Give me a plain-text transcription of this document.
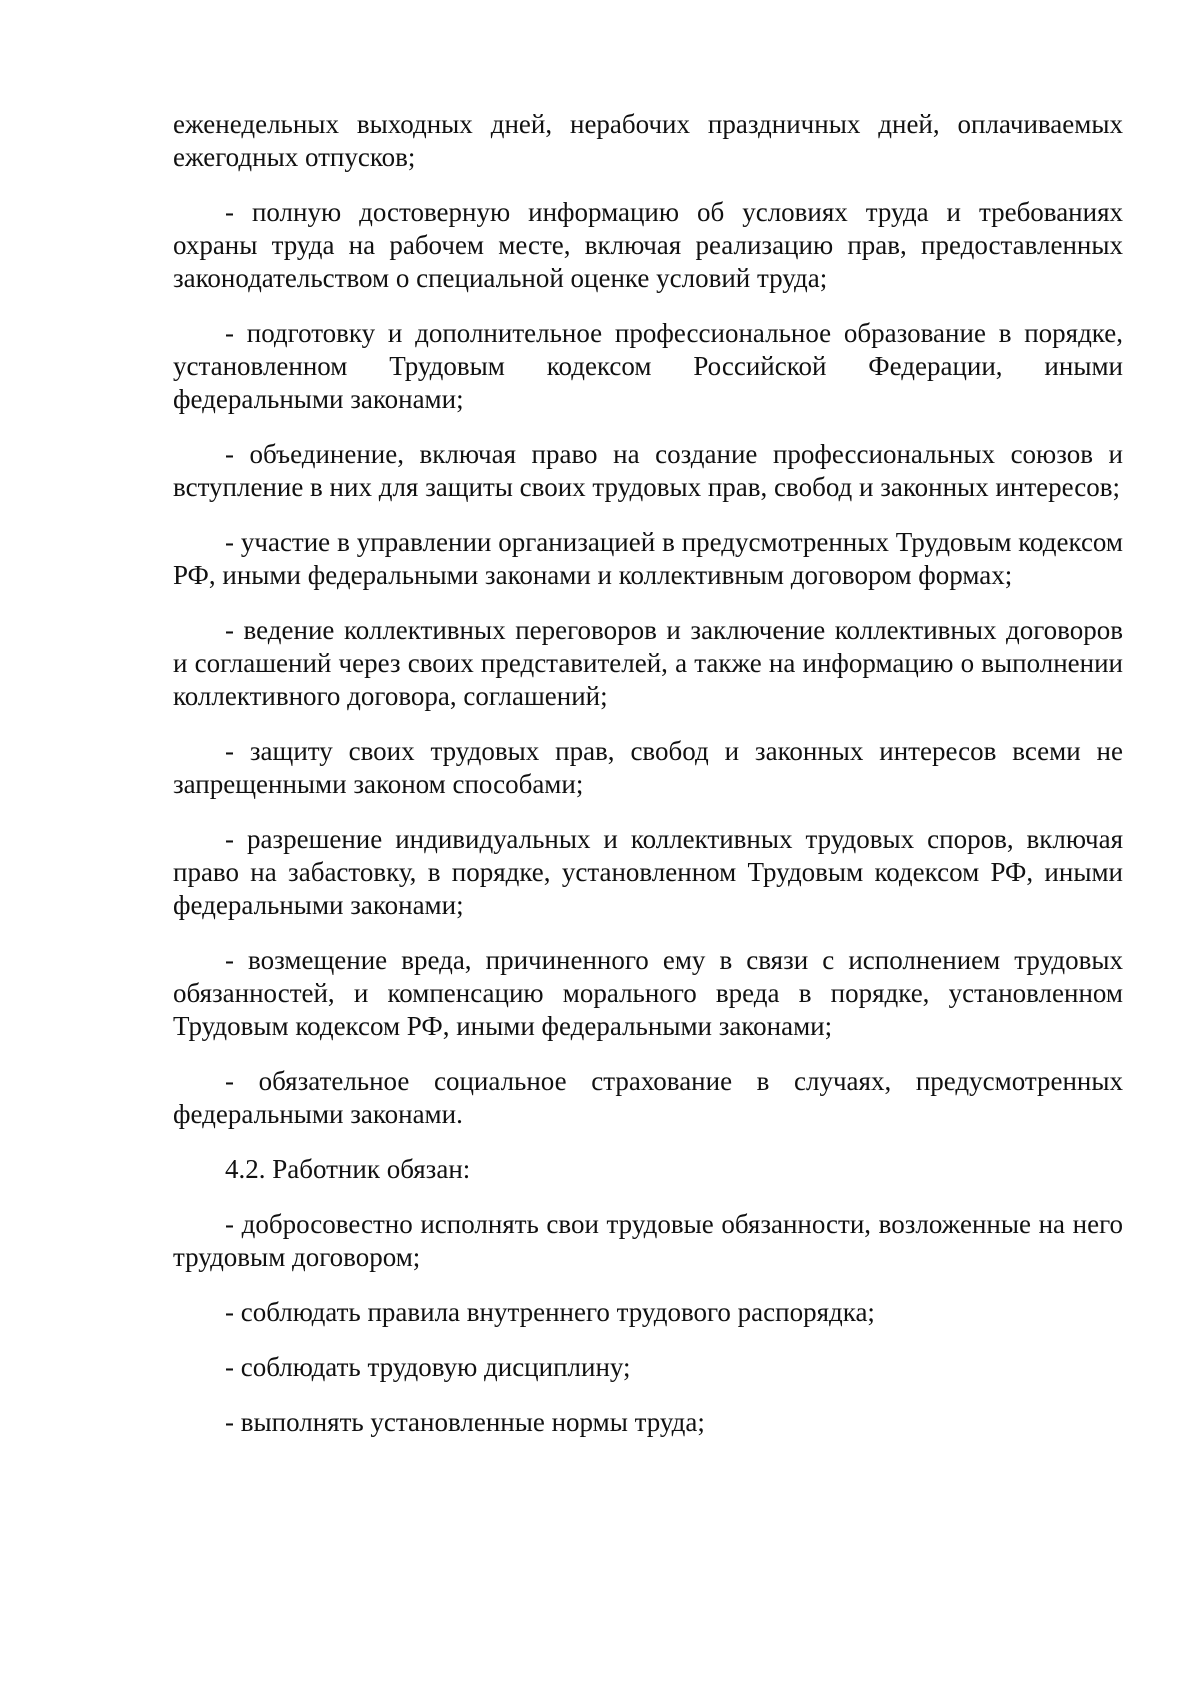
еженедельных выходных дней, нерабочих праздничных дней, оплачиваемых ежегодных отпусков;

- полную достоверную информацию об условиях труда и требованиях охраны труда на рабочем месте, включая реализацию прав, предоставленных законодательством о специальной оценке условий труда;

- подготовку и дополнительное профессиональное образование в порядке, установленном Трудовым кодексом Российской Федерации, иными федеральными законами;

- объединение, включая право на создание профессиональных союзов и вступление в них для защиты своих трудовых прав, свобод и законных интересов;

- участие в управлении организацией в предусмотренных Трудовым кодексом РФ, иными федеральными законами и коллективным договором формах;

- ведение коллективных переговоров и заключение коллективных договоров и соглашений через своих представителей, а также на информацию о выполнении коллективного договора, соглашений;

- защиту своих трудовых прав, свобод и законных интересов всеми не запрещенными законом способами;

- разрешение индивидуальных и коллективных трудовых споров, включая право на забастовку, в порядке, установленном Трудовым кодексом РФ, иными федеральными законами;

- возмещение вреда, причиненного ему в связи с исполнением трудовых обязанностей, и компенсацию морального вреда в порядке, установленном Трудовым кодексом РФ, иными федеральными законами;

- обязательное социальное страхование в случаях, предусмотренных федеральными законами.

4.2. Работник обязан:

- добросовестно исполнять свои трудовые обязанности, возложенные на него трудовым договором;

- соблюдать правила внутреннего трудового распорядка;

- соблюдать трудовую дисциплину;

- выполнять установленные нормы труда;
